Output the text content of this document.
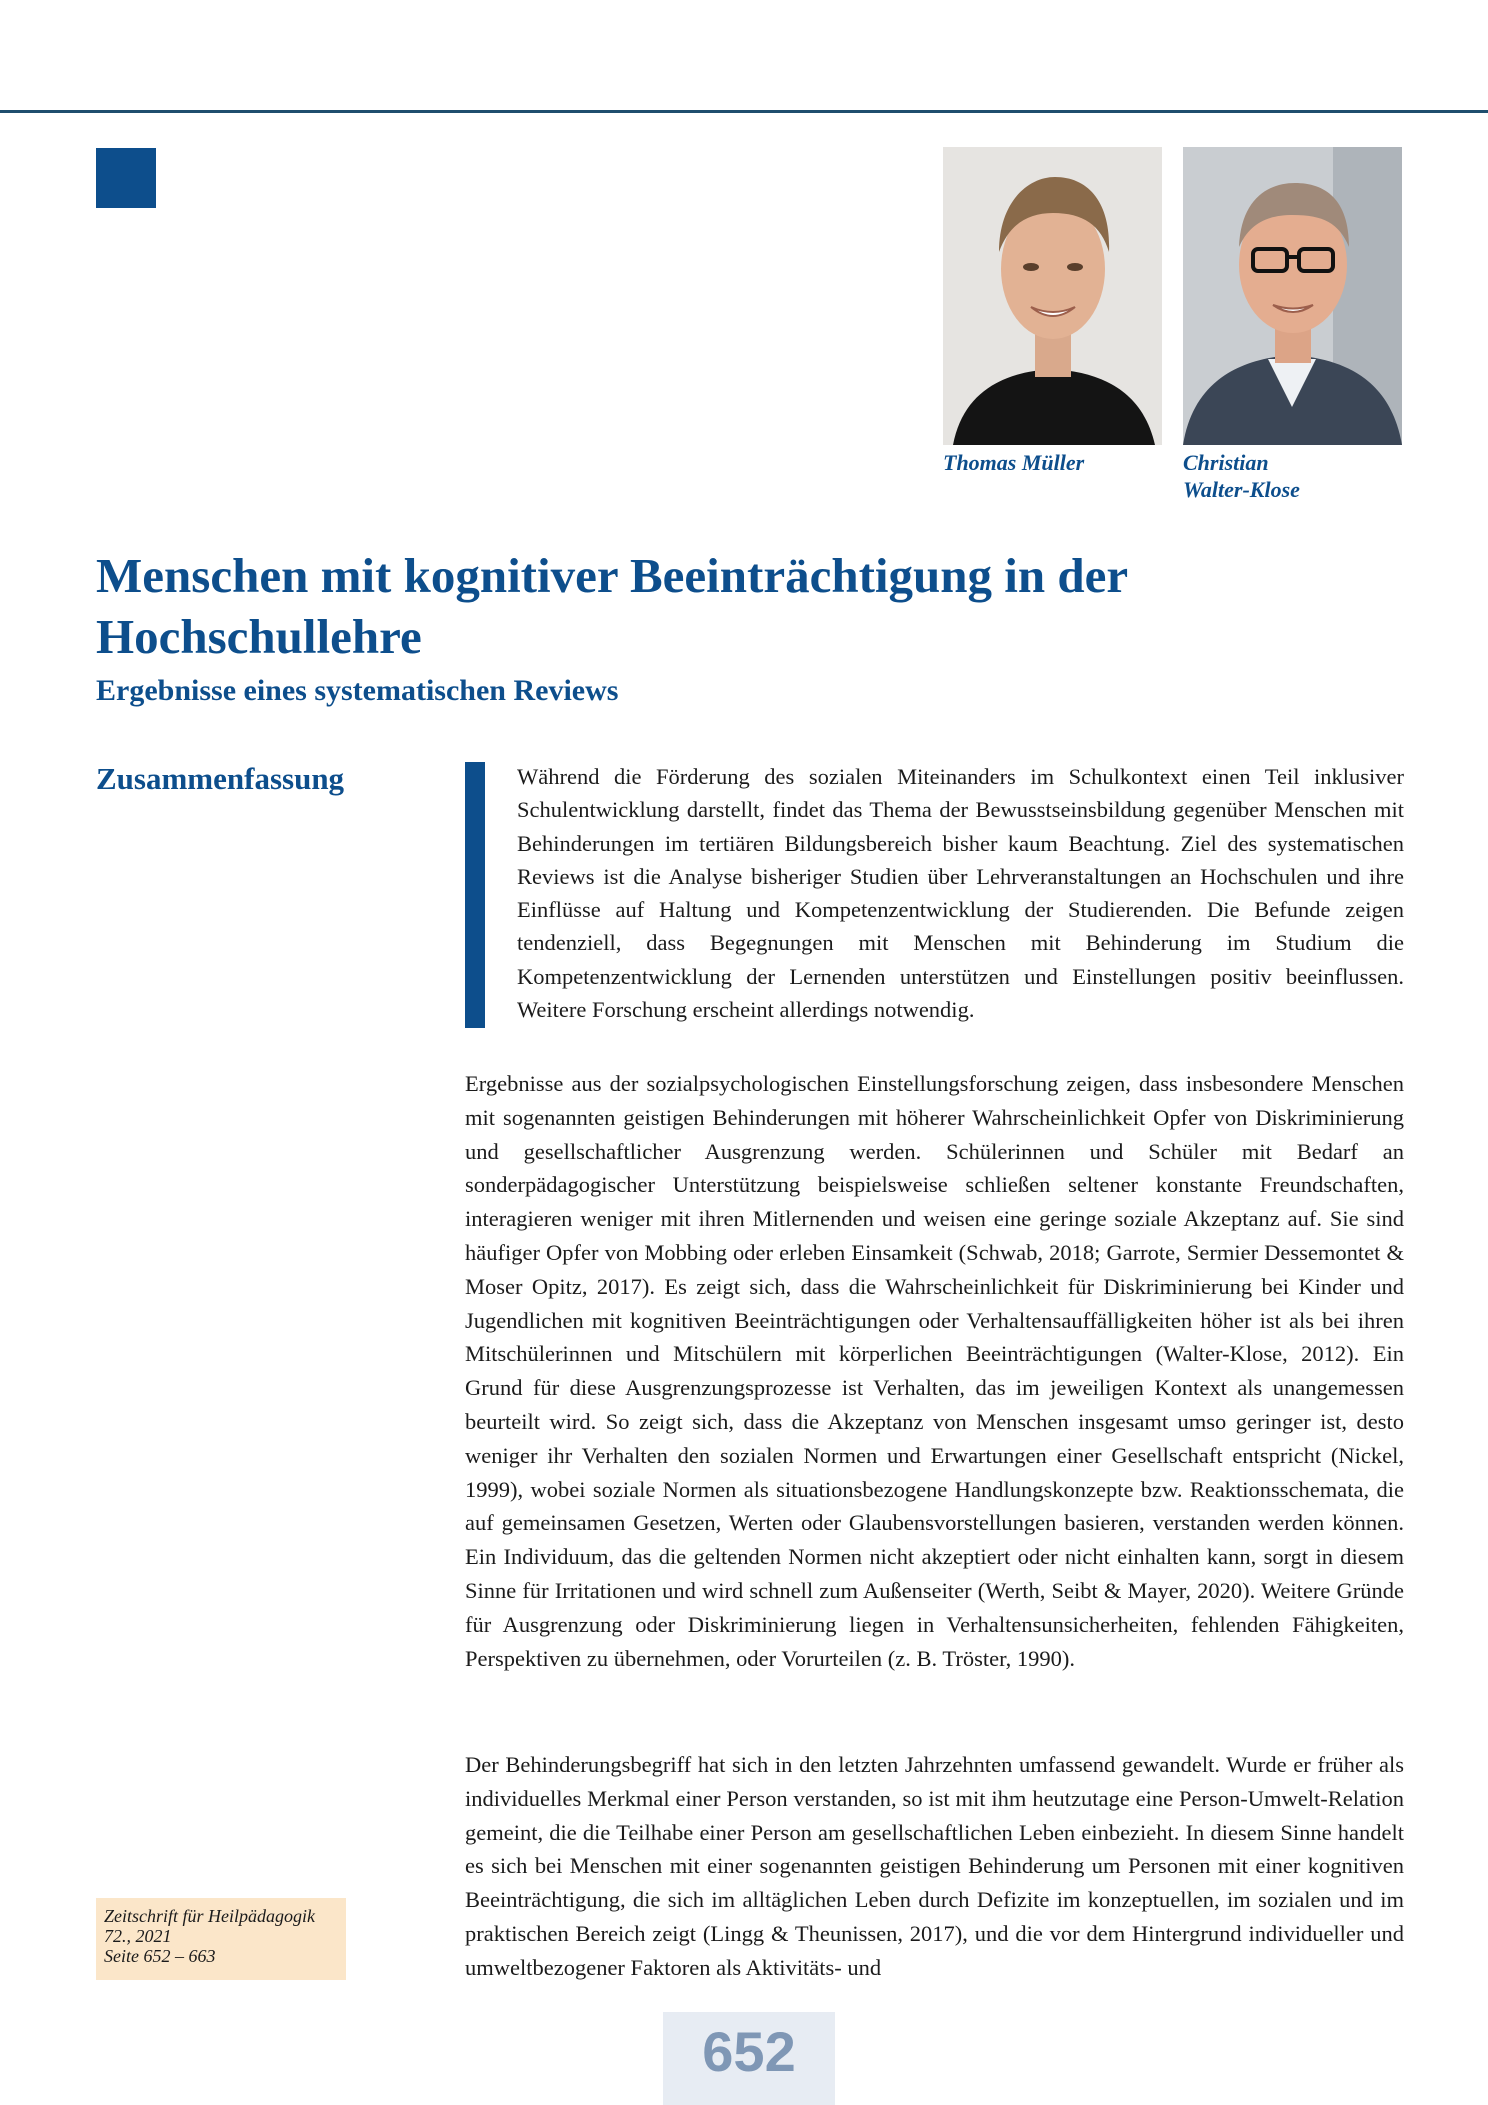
Thomas Müller	Christian
Walter-Klose
Menschen mit kognitiver Beeinträchtigung in der Hochschullehre
Ergebnisse eines systematischen Reviews
Zusammenfassung	Während die Förderung des sozialen Miteinanders im Schulkontext einen Teil inklusiver Schulentwicklung darstellt, findet das Thema der Bewusstseinsbildung gegenüber Menschen mit Behinderungen im tertiären Bildungsbereich bisher kaum Beachtung. Ziel des systematischen Reviews ist die Analyse bisheriger Studien über Lehrveranstaltungen an Hochschulen und ihre Einflüsse auf Haltung und Kompetenzentwicklung der Studierenden. Die Befunde zeigen tendenziell, dass Begegnungen mit Menschen mit Behinderung im Studium die Kompetenzentwicklung der Lernenden unterstützen und Einstellungen positiv beeinflussen. Weitere Forschung erscheint allerdings notwendig.
Ergebnisse aus der sozialpsychologischen Einstellungsforschung zeigen, dass insbesondere Menschen mit sogenannten geistigen Behinderungen mit höherer Wahrscheinlichkeit Opfer von Diskriminierung und gesellschaftlicher Ausgrenzung werden. Schülerinnen und Schüler mit Bedarf an sonderpädagogischer Unterstützung beispielsweise schließen seltener konstante Freundschaften, interagieren weniger mit ihren Mitlernenden und weisen eine geringe soziale Akzeptanz auf. Sie sind häufiger Opfer von Mobbing oder erleben Einsamkeit (Schwab, 2018; Garrote, Sermier Dessemontet & Moser Opitz, 2017). Es zeigt sich, dass die Wahrscheinlichkeit für Diskriminierung bei Kinder und Jugendlichen mit kognitiven Beeinträchtigungen oder Verhaltensauffälligkeiten höher ist als bei ihren Mitschülerinnen und Mitschülern mit körperlichen Beeinträchtigungen (Walter-Klose, 2012). Ein Grund für diese Ausgrenzungsprozesse ist Verhalten, das im jeweiligen Kontext als unangemessen beurteilt wird. So zeigt sich, dass die Akzeptanz von Menschen insgesamt umso geringer ist, desto weniger ihr Verhalten den sozialen Normen und Erwartungen einer Gesellschaft entspricht (Nickel, 1999), wobei soziale Normen als situationsbezogene Handlungskonzepte bzw. Reaktionsschemata, die auf gemeinsamen Gesetzen, Werten oder Glaubensvorstellungen basieren, verstanden werden können. Ein Individuum, das die geltenden Normen nicht akzeptiert oder nicht einhalten kann, sorgt in diesem Sinne für Irritationen und wird schnell zum Außenseiter (Werth, Seibt & Mayer, 2020). Weitere Gründe für Ausgrenzung oder Diskriminierung liegen in Verhaltensunsicherheiten, fehlenden Fähigkeiten, Perspektiven zu übernehmen, oder Vorurteilen (z. B. Tröster, 1990).
Der Behinderungsbegriff hat sich in den letzten Jahrzehnten umfassend gewandelt. Wurde er früher als individuelles Merkmal einer Person verstanden, so ist mit ihm heutzutage eine Person-Umwelt-Relation gemeint, die die Teilhabe einer Person am gesellschaftlichen Leben einbezieht. In diesem Sinne handelt es sich bei Menschen mit einer sogenannten geistigen Behinderung um Personen mit einer kognitiven Beeinträchtigung, die sich im alltäglichen Leben durch Defizite im konzeptuellen, im sozialen und im praktischen Bereich zeigt (Lingg & Theunissen, 2017), und die vor dem Hintergrund individueller und umweltbezogener Faktoren als Aktivitäts- und
Zeitschrift für Heilpädagogik
72., 2021
Seite 652 – 663
652
